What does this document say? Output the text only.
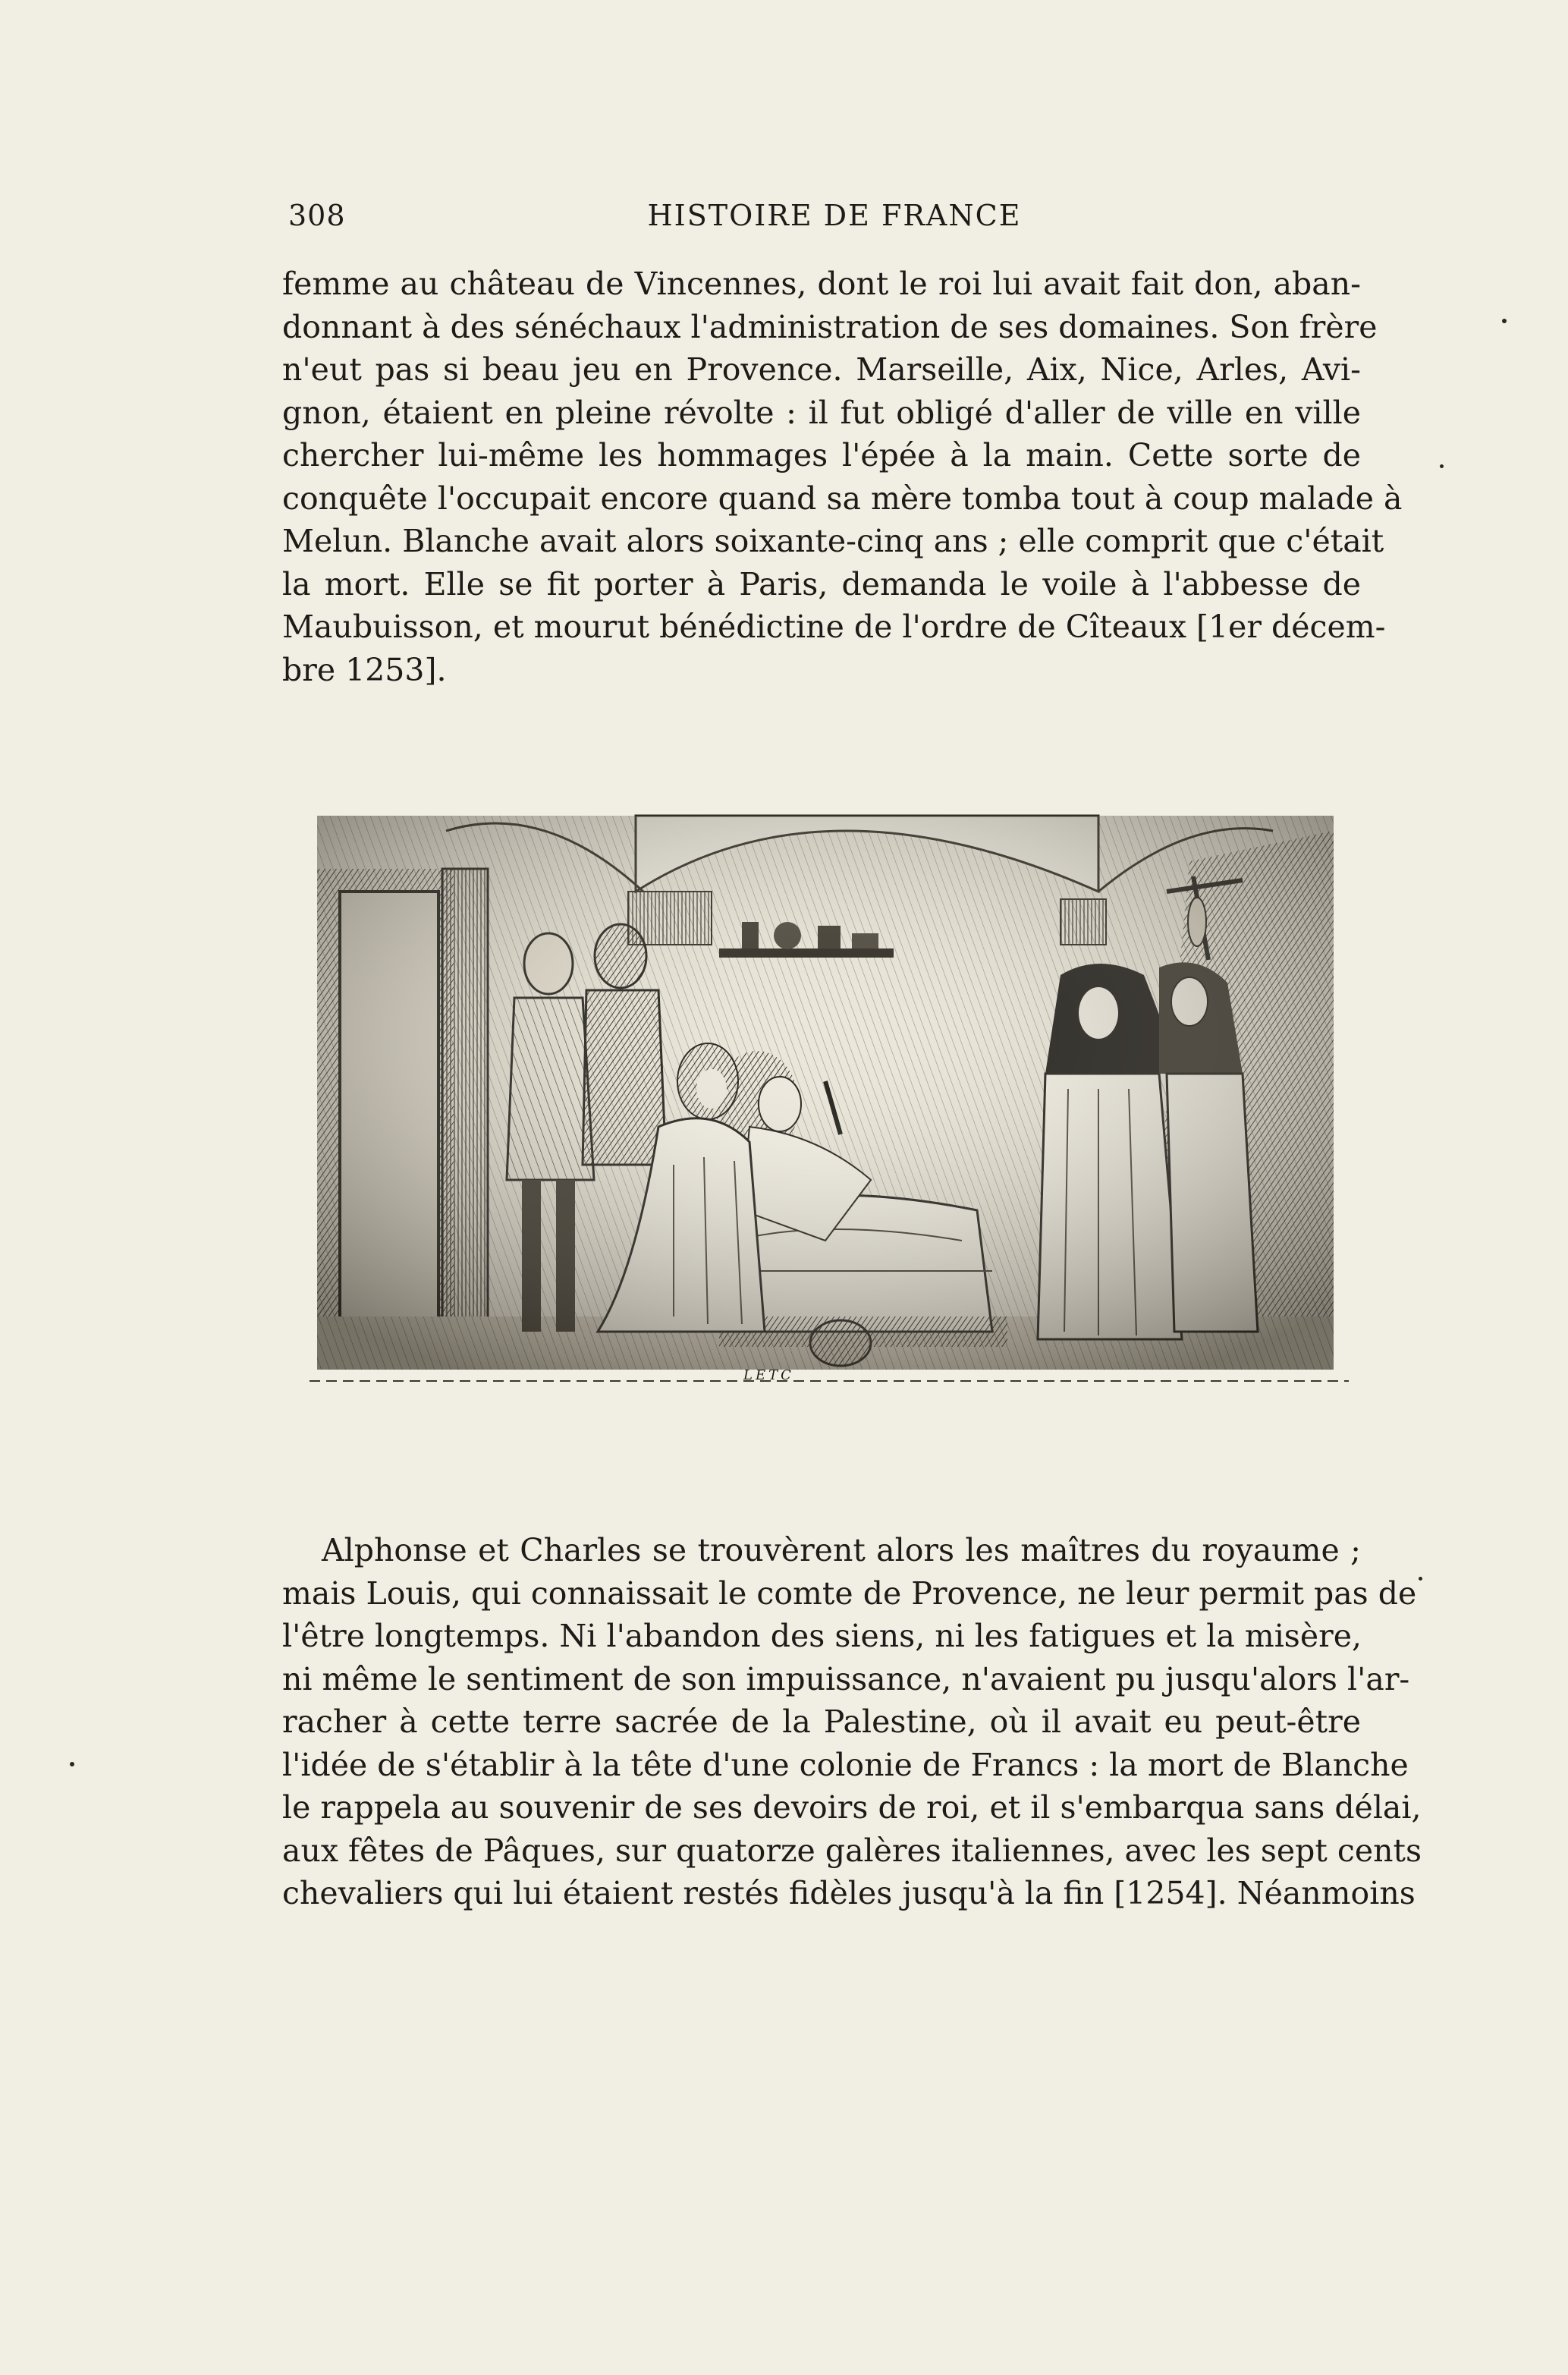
308	HISTOIRE DE FRANCE

femme au château de Vincennes, dont le roi lui avait fait don, aban-
donnant à des sénéchaux l'administration de ses domaines. Son frère
n'eut pas si beau jeu en Provence. Marseille, Aix, Nice, Arles, Avi-
gnon, étaient en pleine révolte : il fut obligé d'aller de ville en ville
chercher lui-même les hommages l'épée à la main. Cette sorte de
conquête l'occupait encore quand sa mère tomba tout à coup malade à
Melun. Blanche avait alors soixante-cinq ans ; elle comprit que c'était
la mort. Elle se fit porter à Paris, demanda le voile à l'abbesse de
Maubuisson, et mourut bénédictine de l'ordre de Cîteaux [1er décem-
bre 1253].

LETC

Alphonse et Charles se trouvèrent alors les maîtres du royaume ;
mais Louis, qui connaissait le comte de Provence, ne leur permit pas de
l'être longtemps. Ni l'abandon des siens, ni les fatigues et la misère,
ni même le sentiment de son impuissance, n'avaient pu jusqu'alors l'ar-
racher à cette terre sacrée de la Palestine, où il avait eu peut-être
l'idée de s'établir à la tête d'une colonie de Francs : la mort de Blanche
le rappela au souvenir de ses devoirs de roi, et il s'embarqua sans délai,
aux fêtes de Pâques, sur quatorze galères italiennes, avec les sept cents
chevaliers qui lui étaient restés fidèles jusqu'à la fin [1254]. Néanmoins
